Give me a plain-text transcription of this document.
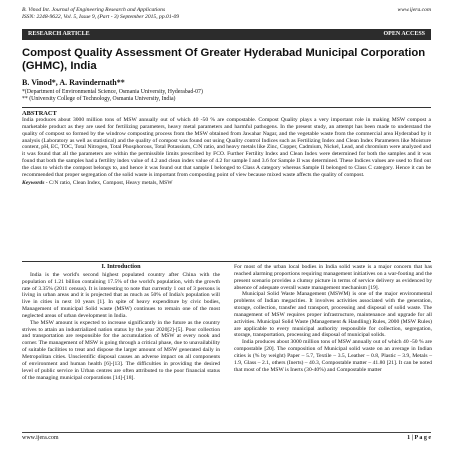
B. Vinod Int. Journal of Engineering Research and Applications
ISSN: 2248-9622, Vol. 5, Issue 9, (Part - 3) September 2015, pp.01-09
www.ijera.com
RESEARCH ARTICLE	OPEN ACCESS
Compost Quality Assessment Of Greater Hyderabad Municipal Corporation (GHMC), India
B. Vinod*, A. Ravindernath**
*(Department of Environmental Science, Osmania University, Hyderabad-07)
** (University College of Technology, Osmania University, India)
ABSTRACT
India produces about 3000 million tons of MSW annually out of which 40 -50 % are compostable. Compost Quality plays a very important role in making MSW compost a marketable product as they are used for fertilizing parameters, heavy metal parameters and harmful pathogens. In the present study, an attempt has been made to understand the quality of compost so formed by the windrow composting process from the MSW obtained from Jawahar Nagar, and the vegetable waste from the commercial area Hyderabad by it analysis (Laboratory as well as statistical) and the quality of compost was found out using Quality control Indices such as Fertilizing Index and Clean Index Parameters like Moisture content, pH, EC, TOC, Total Nitrogen, Total Phosphorous, Total Potassium, C/N ratio, and heavy metals like Zinc, Copper, Cadmium, Nickel, Lead, and chromium were analyzed and it was found that all the parameters are within the permissible limits prescribed by FCO. Further Fertility Index and Clean Index were determined for both the samples and it was found that both the samples had a fertility index value of 4.2 and clean index value of 4.2 for sample I and 3.6 for Sample II was determined. These Indices values are used to find out the class to which the compost belongs to, and hence it was found out that sample I belonged to Class A category whereas Sample II belonged to Class C category. Hence it can be recommended that proper segregation of the solid waste is important from composting point of view because mixed waste affects the quality of compost.
Keywords - C/N ratio, Clean Index, Compost, Heavy metals, MSW
I. Introduction

India is the world's second highest populated country after China with the population of 1.21 billion containing 17.5% of the world's population, with the growth rate of 3.35% (2011 census). It is interesting to note that currently 1 out of 3 persons is living in urban areas and it is projected that as much as 50% of India's population will live in cities in next 10 years [1]. In spite of heavy expenditure by civic bodies, Management of municipal Solid waste (MSW) continues to remain one of the most neglected areas of urban development in India.

The MSW amount is expected to increase significantly in the future as the country strives to attain an industrialized nation status by the year 2020[2]-[5]. Poor collection and transportation are responsible for the accumulation of MSW at every nook and corner. The management of MSW is going through a critical phase, due to unavailability of suitable facilities to treat and dispose the larger amount of MSW generated daily in Metropolitan cities. Unscientific disposal causes an adverse impact on all components of environment and human health [6]-[13]. The difficulties in providing the desired level of public service in Urban centres are often attributed to the poor financial status of the managing municipal corporations [14]-[18].

For most of the urban local bodies in India solid waste is a major concern that has reached alarming proportions requiring management initiatives on a war-footing and the present scenario provides a clumsy picture in terms of service delivery as evidenced by absence of adequate overall waste management mechanism [19].

Municipal Solid Waste Management (MSWM) is one of the major environmental problems of Indian megacities. It involves activities associated with the generation, storage, collection, transfer and transport, processing and disposal of solid waste. The management of MSW requires proper infrastructure, maintenance and upgrade for all activities. Municipal Solid Waste (Management & Handling) Rules, 2000 (MSW Rules) are applicable to every municipal authority responsible for collection, segregation, storage, transportation, processing and disposal of municipal solids.

India produces about 3000 million tons of MSW annually out of which 40 -50 % are compostable [20]. The composition of Municipal solid waste on an average in Indian cities is (% by weight) Paper – 5.7, Textile – 3.5, Leather – 0.8, Plastic – 3.9, Metals – 1.9, Glass – 2.1, others (Inerts) – 40.3, Compostable matter – 41.80 [21]. It can be noted that most of the MSW is Inerts (30-40%) and Compostable matter

www.ijera.com	1 | P a g e
